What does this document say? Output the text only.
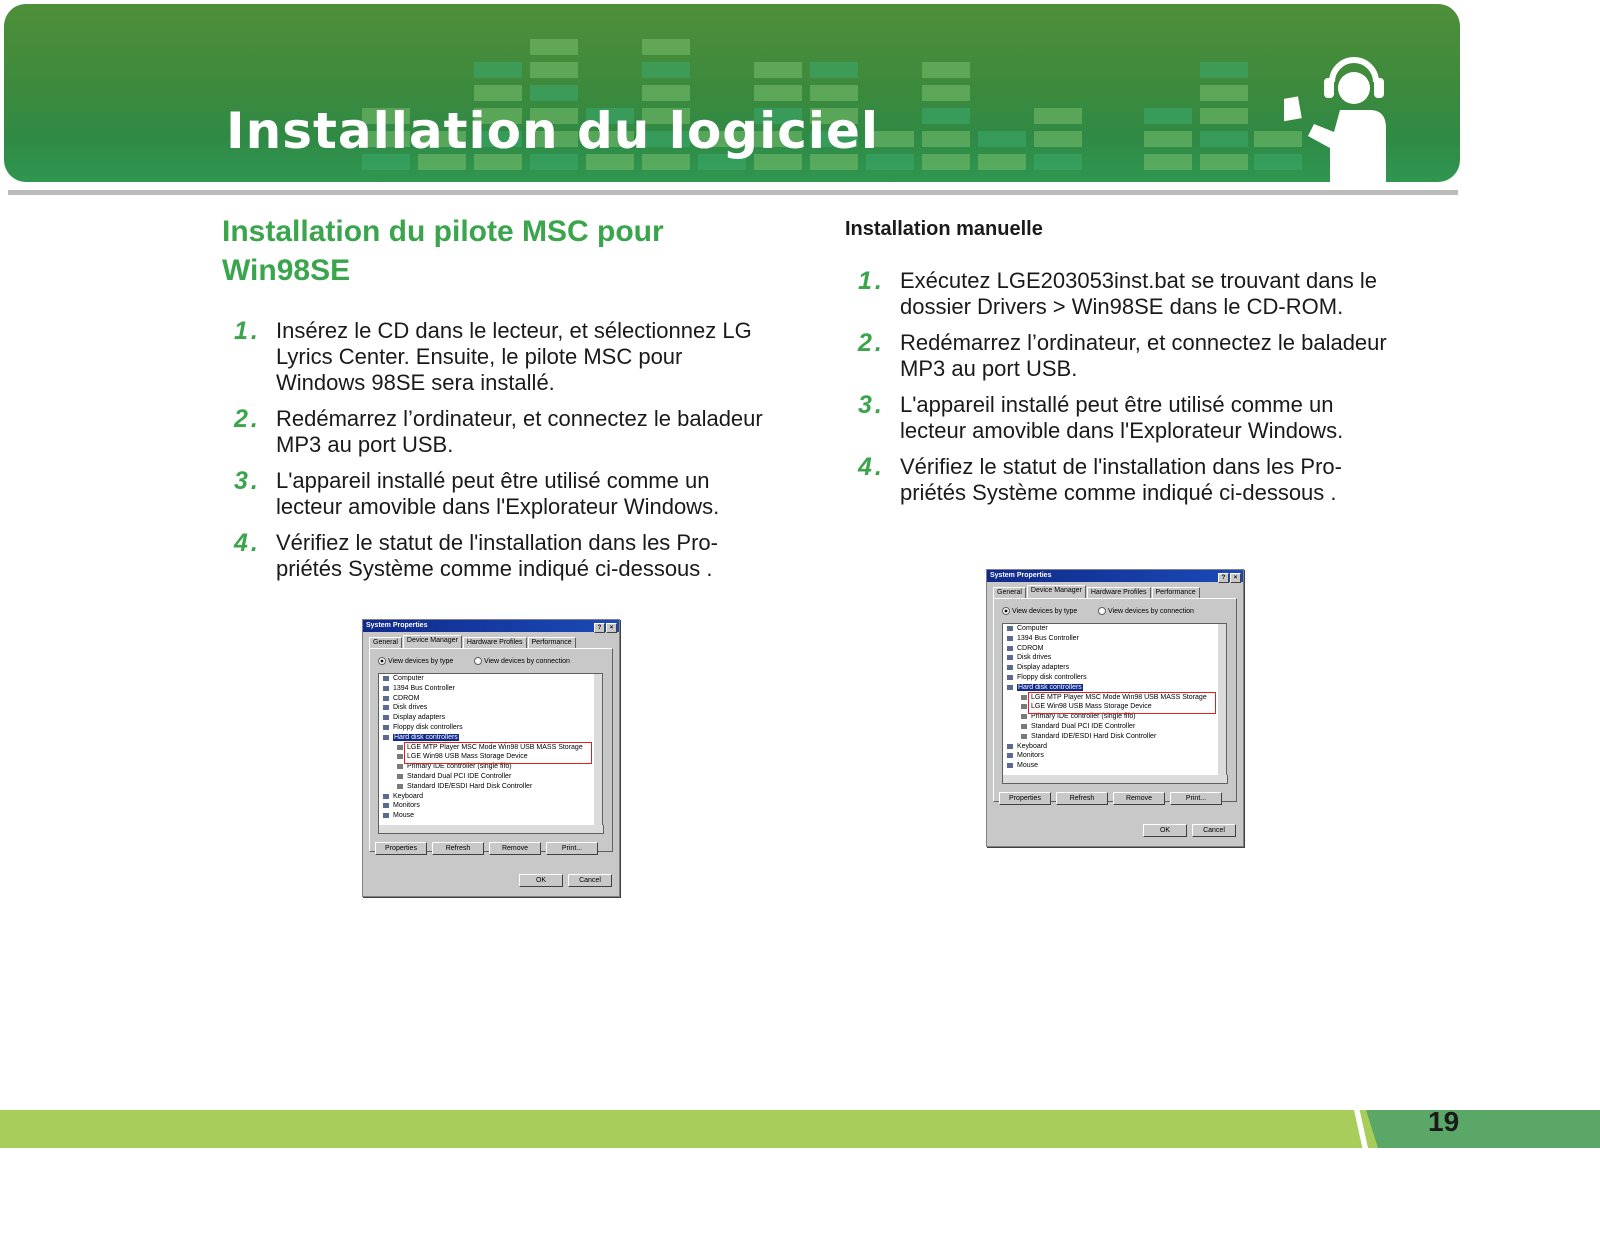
Installation du logiciel
Installation du pilote MSC pour Win98SE
1. Insérez le CD dans le lecteur, et sélectionnez LG Lyrics Center. Ensuite, le pilote MSC pour Windows 98SE sera installé.
2. Redémarrez l’ordinateur, et connectez le baladeur MP3 au port USB.
3. L'appareil installé peut être utilisé comme un lecteur amovible dans l'Explorateur Windows.
4. Vérifiez le statut de l'installation dans les Pro-priétés Système comme indiqué ci-dessous .
Installation manuelle
1. Exécutez LGE203053inst.bat se trouvant dans le dossier Drivers > Win98SE dans le CD-ROM.
2. Redémarrez l’ordinateur, et connectez le baladeur MP3 au port USB.
3. L'appareil installé peut être utilisé comme un lecteur amovible dans l'Explorateur Windows.
4. Vérifiez le statut de l'installation dans les Pro-priétés Système comme indiqué ci-dessous .
System Properties	? ×
General Device Manager Hardware Profiles Performance
View devices by type	View devices by connection
Computer
1394 Bus Controller
CDROM
Disk drives
Display adapters
Floppy disk controllers
Hard disk controllers
LGE MTP Player MSC Mode Win98 USB MASS Storage
LGE Win98 USB Mass Storage Device
Primary IDE controller (single fifo)
Standard Dual PCI IDE Controller
Standard IDE/ESDI Hard Disk Controller
Keyboard
Monitors
Mouse
Properties	Refresh	Remove	Print...
OK	Cancel
System Properties	? ×
General Device Manager Hardware Profiles Performance
View devices by type	View devices by connection
Computer
1394 Bus Controller
CDROM
Disk drives
Display adapters
Floppy disk controllers
Hard disk controllers
LGE MTP Player MSC Mode Win98 USB MASS Storage
LGE Win98 USB Mass Storage Device
Primary IDE controller (single fifo)
Standard Dual PCI IDE Controller
Standard IDE/ESDI Hard Disk Controller
Keyboard
Monitors
Mouse
Properties	Refresh	Remove	Print...
OK	Cancel
19
